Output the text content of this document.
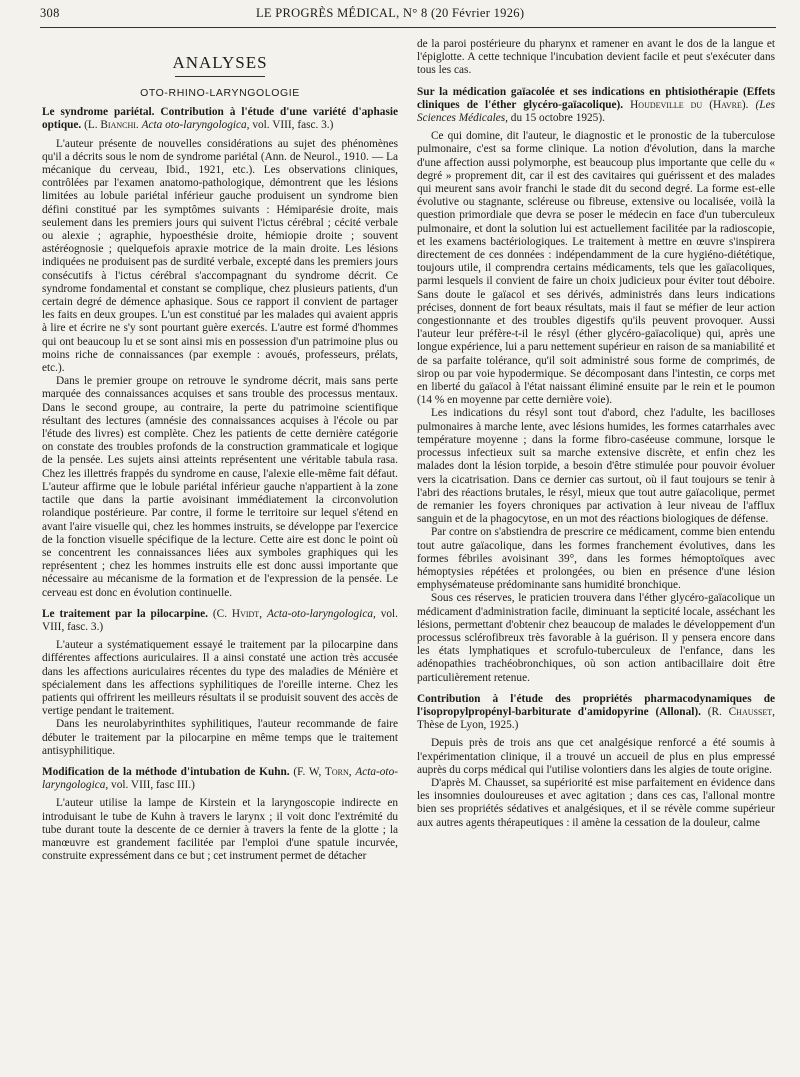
308	LE PROGRÈS MÉDICAL, N° 8 (20 Février 1926)
ANALYSES
OTO-RHINO-LARYNGOLOGIE
Le syndrome pariétal. Contribution à l'étude d'une variété d'aphasie optique. (L. Bianchi. Acta oto-laryngologica, vol. VIII, fasc. 3.)

L'auteur présente de nouvelles considérations au sujet des phénomènes qu'il a décrits sous le nom de syndrome pariétal (Ann. de Neurol., 1910. — La mécanique du cerveau, Ibid., 1921, etc.). Les observations cliniques, contrôlées par l'examen anatomo-pathologique, démontrent que les lésions limitées au lobule pariétal inférieur gauche produisent un syndrome bien défini constitué par les symptômes suivants : Hémiparésie droite, mais seulement dans les premiers jours qui suivent l'ictus cérébral ; cécité verbale ou alexie ; agraphie, hypoesthésie droite, hémiopie droite ; souvent astéréognosie ; quelquefois apraxie motrice de la main droite. Les lésions indiquées ne produisent pas de surdité verbale, excepté dans les premiers jours consécutifs à l'ictus cérébral s'accompagnant du syndrome décrit. Ce syndrome fondamental et constant se complique, chez plusieurs patients, d'un certain degré de démence aphasique. Sous ce rapport il convient de partager les faits en deux groupes. L'un est constitué par les malades qui avaient appris à lire et écrire ne s'y sont pourtant guère exercés. L'autre est formé d'hommes qui ont beaucoup lu et se sont ainsi mis en possession d'un patrimoine plus ou moins riche de connaissances (par exemple : avoués, professeurs, prélats, etc.).

Dans le premier groupe on retrouve le syndrome décrit, mais sans perte marquée des connaissances acquises et sans trouble des processus mentaux. Dans le second groupe, au contraire, la perte du patrimoine scientifique résultant des lectures (amnésie des connaissances acquises à l'école ou par l'étude des livres) est complète. Chez les patients de cette dernière catégorie on constate des troubles profonds de la construction grammaticale et logique de la pensée. Les sujets ainsi atteints représentent une véritable tabula rasa. Chez les illettrés frappés du syndrome en cause, l'alexie elle-même fait défaut. L'auteur affirme que le lobule pariétal inférieur gauche n'appartient à la zone tactile que dans la partie avoisinant immédiatement la circonvolution rolandique postérieure. Par contre, il forme le territoire sur lequel s'étend en avant l'aire visuelle qui, chez les hommes instruits, se développe par l'exercice de la fonction visuelle spécifique de la lecture. Cette aire est donc le point où se concentrent les connaissances liées aux symboles graphiques qui les représentent ; chez les hommes instruits elle est donc aussi importante que nécessaire au mécanisme de la formation et de l'expression de la pensée. Le cerveau est donc en évolution continuelle.

Le traitement par la pilocarpine. (C. Hvidt, Acta-oto-laryngologica, vol. VIII, fasc. 3.)

L'auteur a systématiquement essayé le traitement par la pilocarpine dans différentes affections auriculaires. Il a ainsi constaté une action très accusée dans les affections auriculaires récentes du type des maladies de Ménière et spécialement dans les affections syphilitiques de l'oreille interne. Chez les patients qui offrirent les meilleurs résultats il se produisit souvent des accès de vertige pendant le traitement.

Dans les neurolabyrinthites syphilitiques, l'auteur recommande de faire débuter le traitement par la pilocarpine en même temps que le traitement antisyphilitique.

Modification de la méthode d'intubation de Kuhn. (F. W, Torn, Acta-oto-laryngologica, vol. VIII, fasc III.)

L'auteur utilise la lampe de Kirstein et la laryngoscopie indirecte en introduisant le tube de Kuhn à travers le larynx ; il voit donc l'extrémité du tube durant toute la descente de ce dernier à travers la fente de la glotte ; la manœuvre est grandement facilitée par l'emploi d'une spatule incurvée, construite expressément dans ce but ; cet instrument permet de détacher

de la paroi postérieure du pharynx et ramener en avant le dos de la langue et l'épiglotte. A cette technique l'incubation devient facile et peut s'exécuter dans tous les cas.

Sur la médication gaïacolée et ses indications en phtisiothérapie (Effets cliniques de l'éther glycéro-gaïacolique). Houdeville du (Havre). (Les Sciences Médicales, du 15 octobre 1925).

Ce qui domine, dit l'auteur, le diagnostic et le pronostic de la tuberculose pulmonaire, c'est sa forme clinique. La notion d'évolution, dans la marche d'une affection aussi polymorphe, est beaucoup plus importante que celle du « degré » proprement dit, car il est des cavitaires qui guérissent et des malades qui meurent sans avoir franchi le stade dit du second degré. La forme est-elle évolutive ou stagnante, scléreuse ou fibreuse, extensive ou localisée, voilà la question primordiale que devra se poser le médecin en face d'un tuberculeux pulmonaire, et dont la solution lui est actuellement facilitée par la radioscopie, et les examens bactériologiques. Le traitement à mettre en œuvre s'inspirera directement de ces données : indépendamment de la cure hygiéno-diététique, toujours utile, il comprendra certains médicaments, tels que les gaïacoliques, parmi lesquels il convient de faire un choix judicieux pour éviter tout déboire. Sans doute le gaïacol et ses dérivés, administrés dans leurs indications précises, donnent de fort beaux résultats, mais il faut se méfier de leur action congestionnante et des troubles digestifs qu'ils peuvent provoquer. Aussi l'auteur leur préfère-t-il le résyl (éther glycéro-gaïacolique) qui, après une longue expérience, lui a paru nettement supérieur en raison de sa maniabilité et de sa parfaite tolérance, qu'il soit administré sous forme de comprimés, de sirop ou par voie hypodermique. Se décomposant dans l'intestin, ce corps met en liberté du gaïacol à l'état naissant éliminé ensuite par le rein et le poumon (14 % en moyenne par cette dernière voie).

Les indications du résyl sont tout d'abord, chez l'adulte, les bacilloses pulmonaires à marche lente, avec lésions humides, les formes catarrhales avec température moyenne ; dans la forme fibro-caséeuse commune, lorsque le processus infectieux suit sa marche extensive discrète, et enfin chez les malades dont la lésion torpide, a besoin d'être stimulée pour pouvoir évoluer vers la cicatrisation. Dans ce dernier cas surtout, où il faut toujours se tenir à l'abri des réactions brutales, le résyl, mieux que tout autre gaïacolique, permet de remanier les foyers chroniques par activation à leur niveau de l'afflux sanguin et de la phagocytose, en un mot des réactions biologiques de défense.

Par contre on s'abstiendra de prescrire ce médicament, comme bien entendu tout autre gaïacolique, dans les formes franchement évolutives, dans les formes fébriles avoisinant 39°, dans les formes hémoptoïques avec hémoptysies répétées et prolongées, ou bien en présence d'une lésion emphysémateuse prédominante sans humidité bronchique.

Sous ces réserves, le praticien trouvera dans l'éther glycéro-gaïacolique un médicament d'administration facile, diminuant la septicité locale, asséchant les lésions, permettant d'obtenir chez beaucoup de malades le développement d'un processus sclérofibreux très favorable à la guérison. Il y pensera encore dans les états lymphatiques et scrofulo-tuberculeux de l'enfance, dans les adénopathies trachéobronchiques, où son action antibacillaire doit être particulièrement retenue.

Contribution à l'étude des propriétés pharmacodynamiques de l'isopropylpropényl-barbiturate d'amidopyrine (Allonal). (R. Chausset, Thèse de Lyon, 1925.)

Depuis près de trois ans que cet analgésique renforcé a été soumis à l'expérimentation clinique, il a trouvé un accueil de plus en plus empressé auprès du corps médical qui l'utilise volontiers dans les algies de toute origine.

D'après M. Chausset, sa supériorité est mise parfaitement en évidence dans les insomnies douloureuses et avec agitation ; dans ces cas, l'allonal montre bien ses propriétés sédatives et analgésiques, et il se révèle comme supérieur aux autres agents thérapeutiques : il amène la cessation de la douleur, calme
